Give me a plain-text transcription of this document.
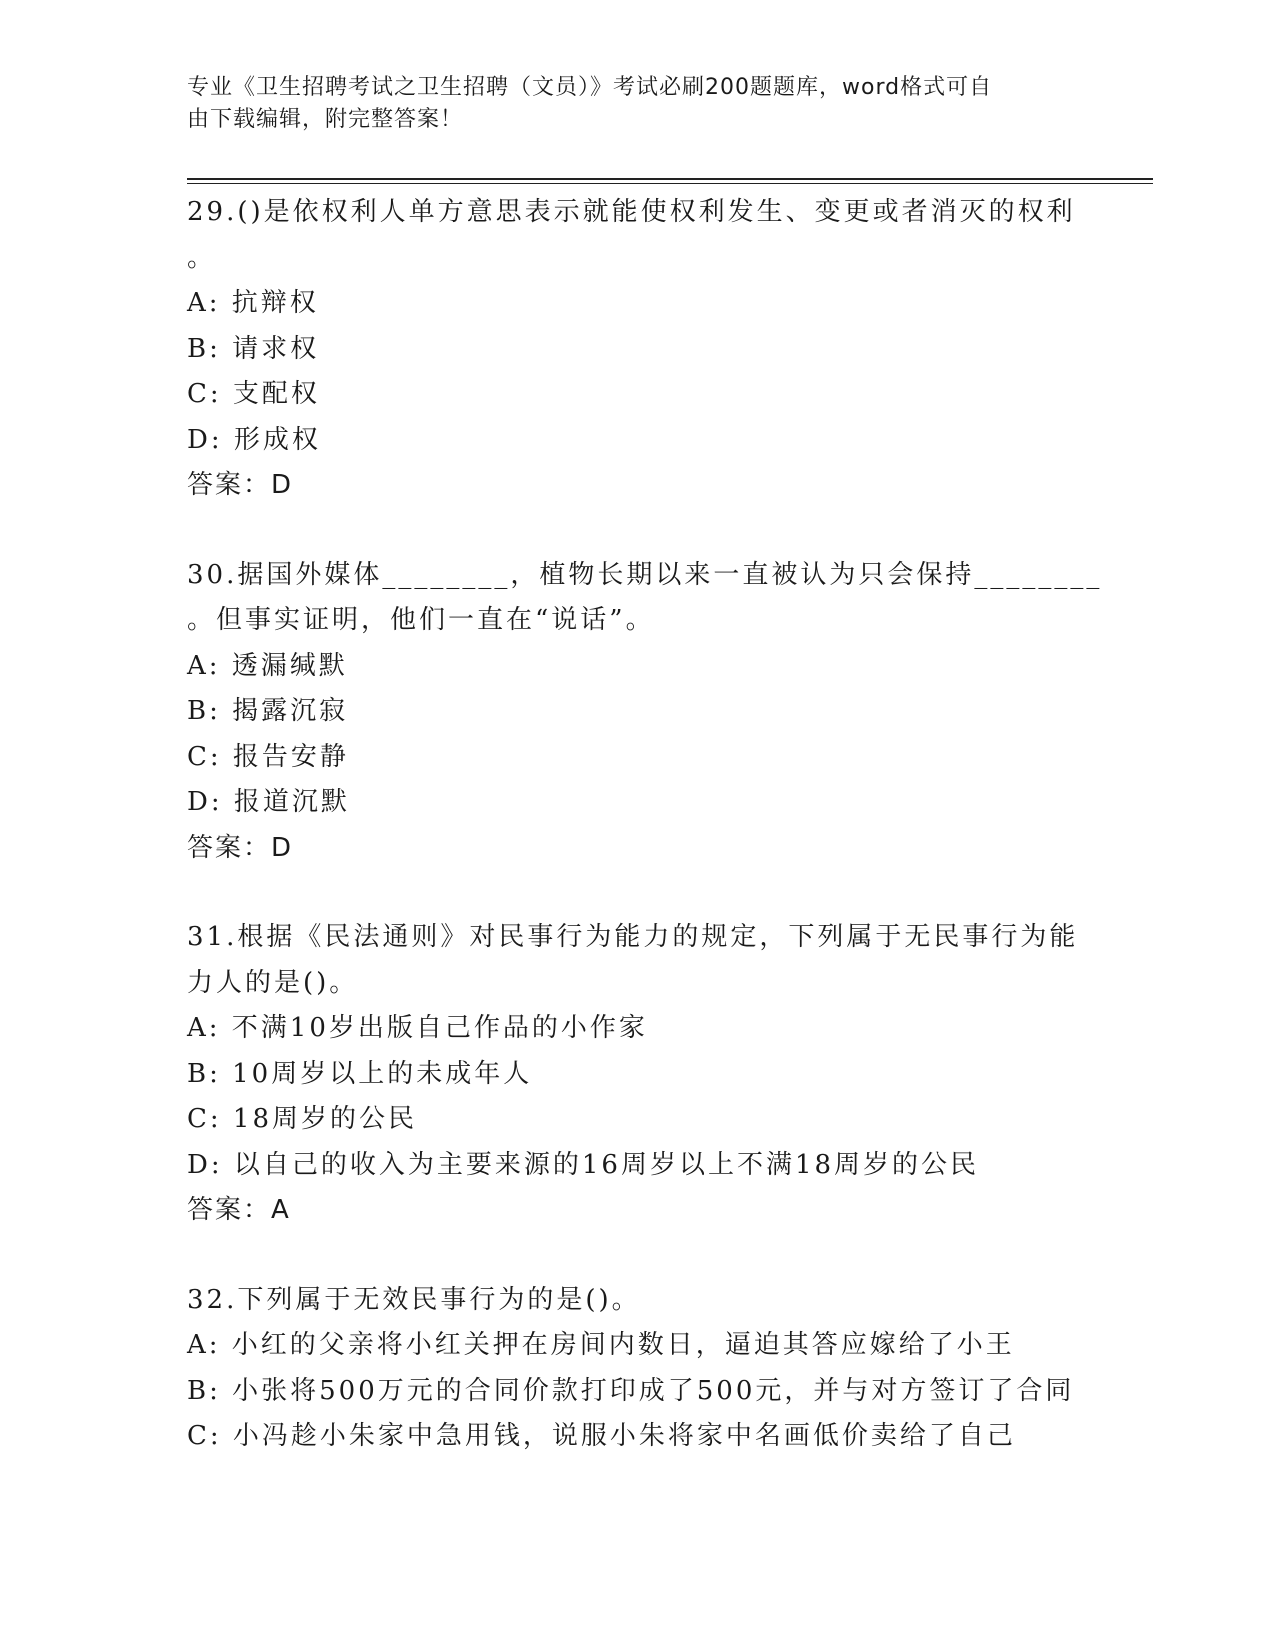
专业《卫生招聘考试之卫生招聘（文员）》考试必刷200题题库，word格式可自
由下载编辑，附完整答案！
29.()是依权利人单方意思表示就能使权利发生、变更或者消灭的权利
。
A: 抗辩权
B: 请求权
C: 支配权
D: 形成权
答案：D
30.据国外媒体________，植物长期以来一直被认为只会保持________
。但事实证明，他们一直在“说话”。
A: 透漏缄默
B: 揭露沉寂
C: 报告安静
D: 报道沉默
答案：D
31.根据《民法通则》对民事行为能力的规定，下列属于无民事行为能
力人的是()。
A: 不满10岁出版自己作品的小作家
B: 10周岁以上的未成年人
C: 18周岁的公民
D: 以自己的收入为主要来源的16周岁以上不满18周岁的公民
答案：A
32.下列属于无效民事行为的是()。
A: 小红的父亲将小红关押在房间内数日，逼迫其答应嫁给了小王
B: 小张将500万元的合同价款打印成了500元，并与对方签订了合同
C: 小冯趁小朱家中急用钱，说服小朱将家中名画低价卖给了自己
